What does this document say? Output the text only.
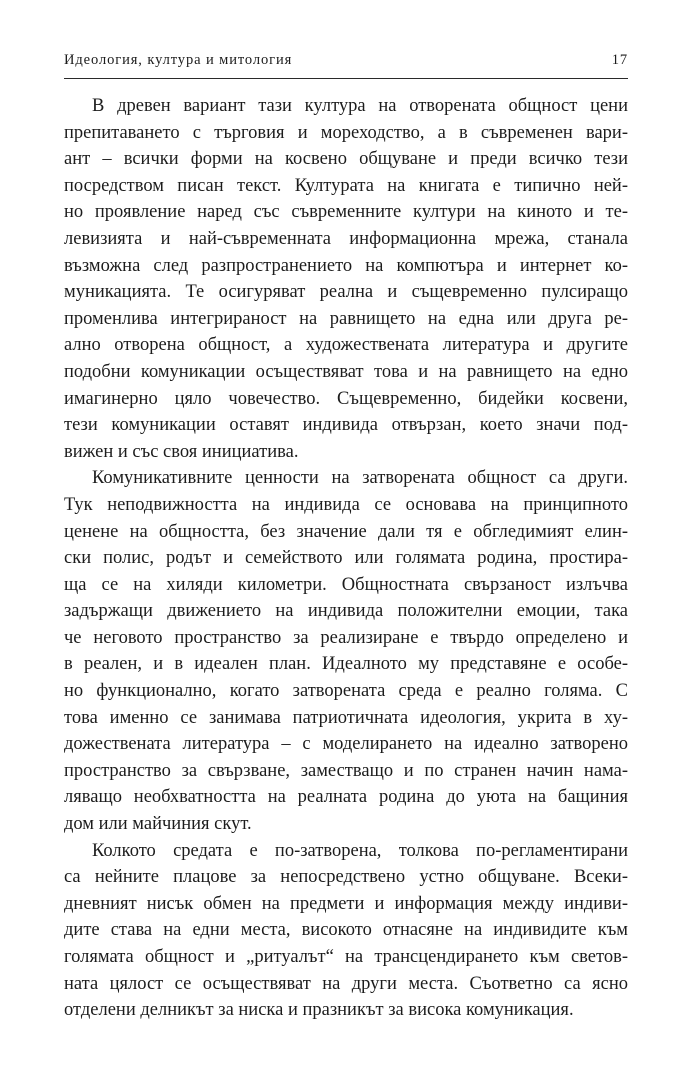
Идеология, култура и митология	17
В древен вариант тази култура на отворената общност цени
препитаването с търговия и мореходство, а в съвременен вари-
ант – всички форми на косвено общуване и преди всичко тези
посредством писан текст. Културата на книгата е типично ней-
но проявление наред със съвременните култури на киното и те-
левизията и най-съвременната информационна мрежа, станала
възможна след разпространението на компютъра и интернет ко-
муникацията. Те осигуряват реална и същевременно пулсиращо
променлива интегрираност на равнището на една или друга ре-
ално отворена общност, а художествената литература и другите
подобни комуникации осъществяват това и на равнището на едно
имагинерно цяло човечество. Същевременно, бидейки косвени,
тези комуникации оставят индивида отвързан, което значи под-
вижен и със своя инициатива.
Комуникативните ценности на затворената общност са други.
Тук неподвижността на индивида се основава на принципното
ценене на общността, без значение дали тя е обгледимият елин-
ски полис, родът и семейството или голямата родина, простира-
ща се на хиляди километри. Общностната свързаност излъчва
задържащи движението на индивида положителни емоции, така
че неговото пространство за реализиране е твърдо определено и
в реален, и в идеален план. Идеалното му представяне е особе-
но функционално, когато затворената среда е реално голяма. С
това именно се занимава патриотичната идеология, укрита в ху-
дожествената литература – с моделирането на идеално затворено
пространство за свързване, заместващо и по странен начин нама-
ляващо необхватността на реалната родина до уюта на бащиния
дом или майчиния скут.
Колкото средата е по-затворена, толкова по-регламентирани
са нейните плацове за непосредствено устно общуване. Всеки-
дневният нисък обмен на предмети и информация между индиви-
дите става на едни места, високото отнасяне на индивидите към
голямата общност и „ритуалът“ на трансцендирането към светов-
ната цялост се осъществяват на други места. Съответно са ясно
отделени делникът за ниска и празникът за висока комуникация.
